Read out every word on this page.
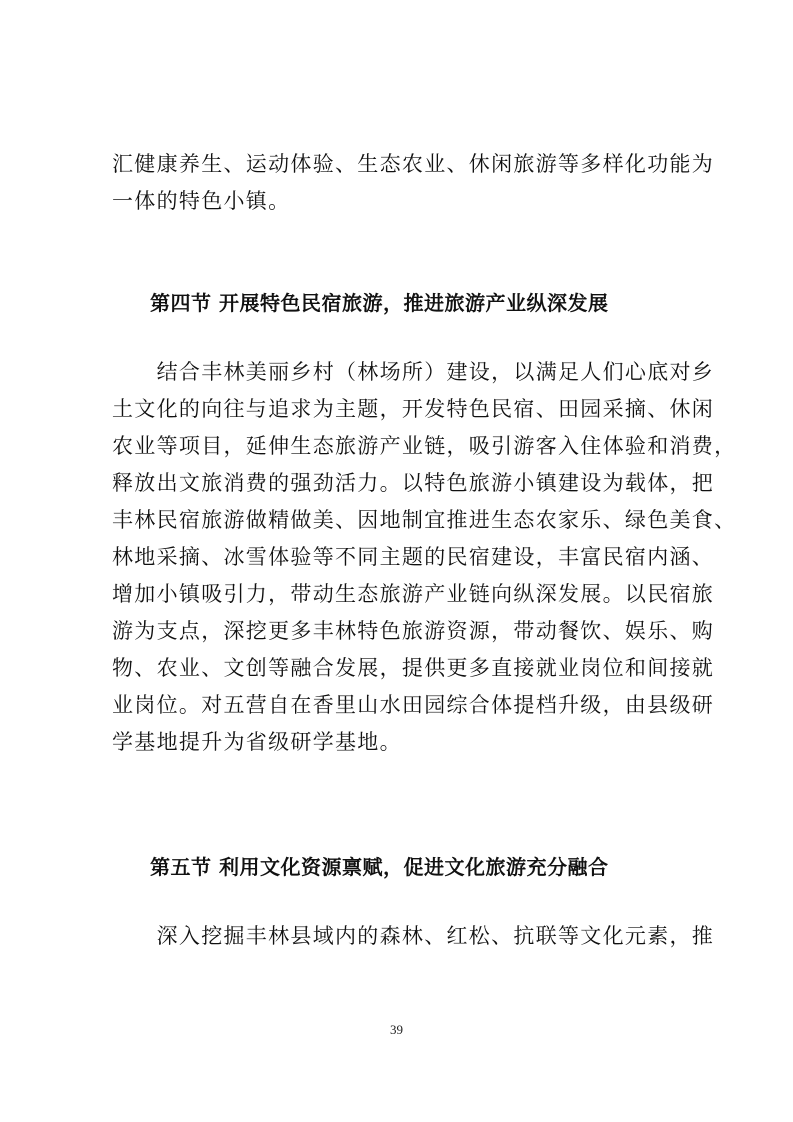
汇健康养生、运动体验、生态农业、休闲旅游等多样化功能为
一体的特色小镇。

第四节 开展特色民宿旅游，推进旅游产业纵深发展

　　结合丰林美丽乡村（林场所）建设，以满足人们心底对乡
土文化的向往与追求为主题，开发特色民宿、田园采摘、休闲
农业等项目，延伸生态旅游产业链，吸引游客入住体验和消费，
释放出文旅消费的强劲活力。以特色旅游小镇建设为载体，把
丰林民宿旅游做精做美、因地制宜推进生态农家乐、绿色美食、
林地采摘、冰雪体验等不同主题的民宿建设，丰富民宿内涵、
增加小镇吸引力，带动生态旅游产业链向纵深发展。以民宿旅
游为支点，深挖更多丰林特色旅游资源，带动餐饮、娱乐、购
物、农业、文创等融合发展，提供更多直接就业岗位和间接就
业岗位。对五营自在香里山水田园综合体提档升级，由县级研
学基地提升为省级研学基地。

第五节 利用文化资源禀赋，促进文化旅游充分融合

　　深入挖掘丰林县域内的森林、红松、抗联等文化元素，推

39
